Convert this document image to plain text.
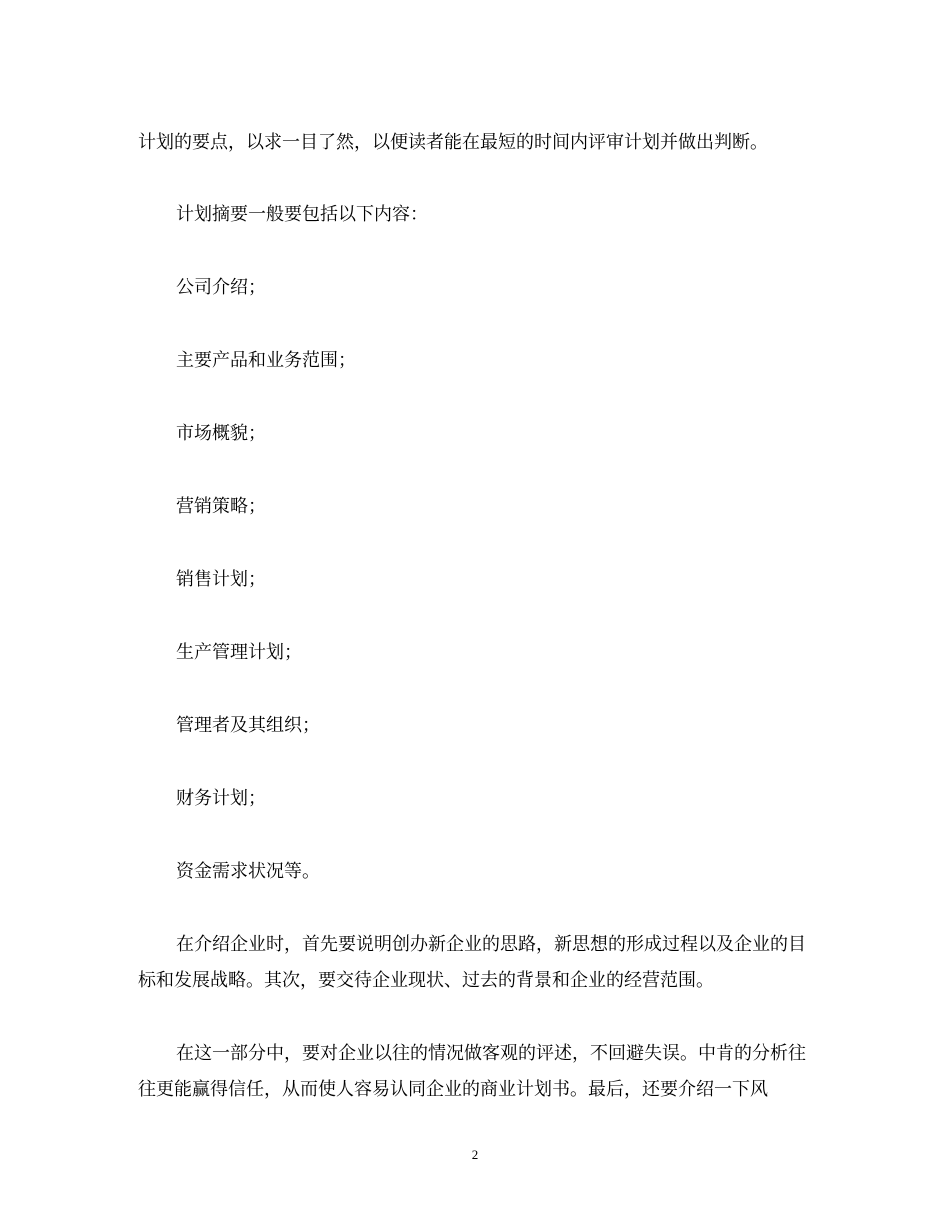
计划的要点，以求一目了然，以便读者能在最短的时间内评审计划并做出判断。

计划摘要一般要包括以下内容：

公司介绍；

主要产品和业务范围；

市场概貌；

营销策略；

销售计划；

生产管理计划；

管理者及其组织；

财务计划；

资金需求状况等。

在介绍企业时，首先要说明创办新企业的思路，新思想的形成过程以及企业的目标和发展战略。其次，要交待企业现状、过去的背景和企业的经营范围。

在这一部分中，要对企业以往的情况做客观的评述，不回避失误。中肯的分析往往更能赢得信任，从而使人容易认同企业的商业计划书。最后，还要介绍一下风

2
